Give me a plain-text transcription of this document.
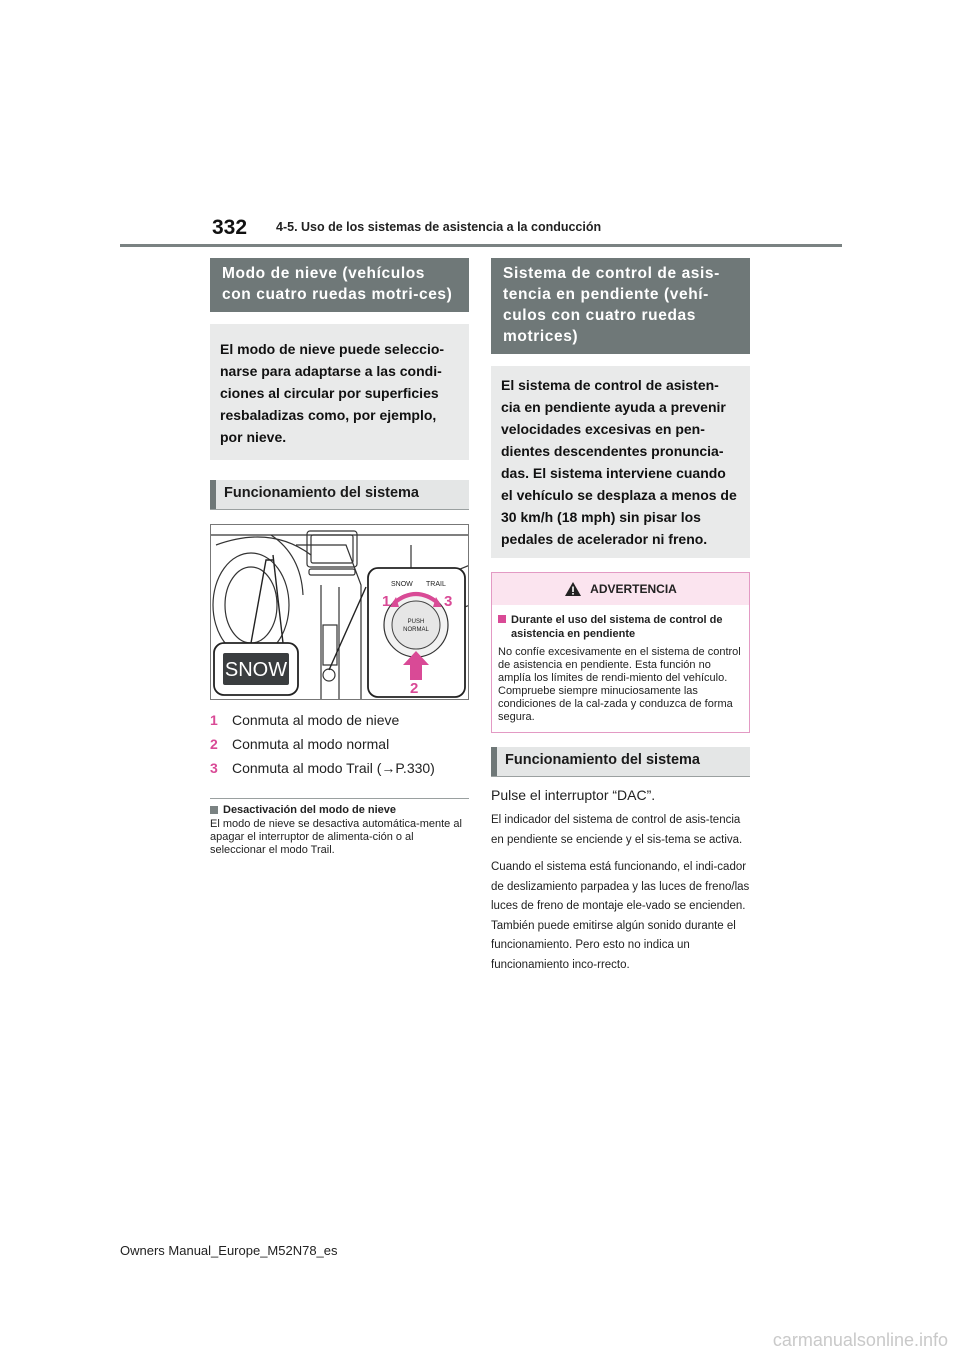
332 4-5. Uso de los sistemas de asistencia a la conducción
Modo de nieve (vehículos con cuatro ruedas motri-ces)
El modo de nieve puede seleccio-narse para adaptarse a las condi-ciones al circular por superficies resbaladizas como, por ejemplo, por nieve.
Funcionamiento del sistema
SNOW
SNOW TRAIL
PUSH
NORMAL
1	3
2
1	Conmuta al modo de nieve
2	Conmuta al modo normal
3	Conmuta al modo Trail (→P.330)
Desactivación del modo de nieve
El modo de nieve se desactiva automática-mente al apagar el interruptor de alimenta-ción o al seleccionar el modo Trail.
Sistema de control de asis-tencia en pendiente (vehí-culos con cuatro ruedas motrices)
El sistema de control de asisten-cia en pendiente ayuda a prevenir velocidades excesivas en pen-dientes descendentes pronuncia-das. El sistema interviene cuando el vehículo se desplaza a menos de 30 km/h (18 mph) sin pisar los pedales de acelerador ni freno.
ADVERTENCIA
Durante el uso del sistema de control de asistencia en pendiente
No confíe excesivamente en el sistema de control de asistencia en pendiente. Esta función no amplía los límites de rendi-miento del vehículo. Compruebe siempre minuciosamente las condiciones de la cal-zada y conduzca de forma segura.
Funcionamiento del sistema
Pulse el interruptor “DAC”.
El indicador del sistema de control de asis-tencia en pendiente se enciende y el sis-tema se activa.
Cuando el sistema está funcionando, el indi-cador de deslizamiento parpadea y las luces de freno/las luces de freno de montaje ele-vado se encienden. También puede emitirse algún sonido durante el funcionamiento. Pero esto no indica un funcionamiento inco-rrecto.
Owners Manual_Europe_M52N78_es
carmanualsonline.info
